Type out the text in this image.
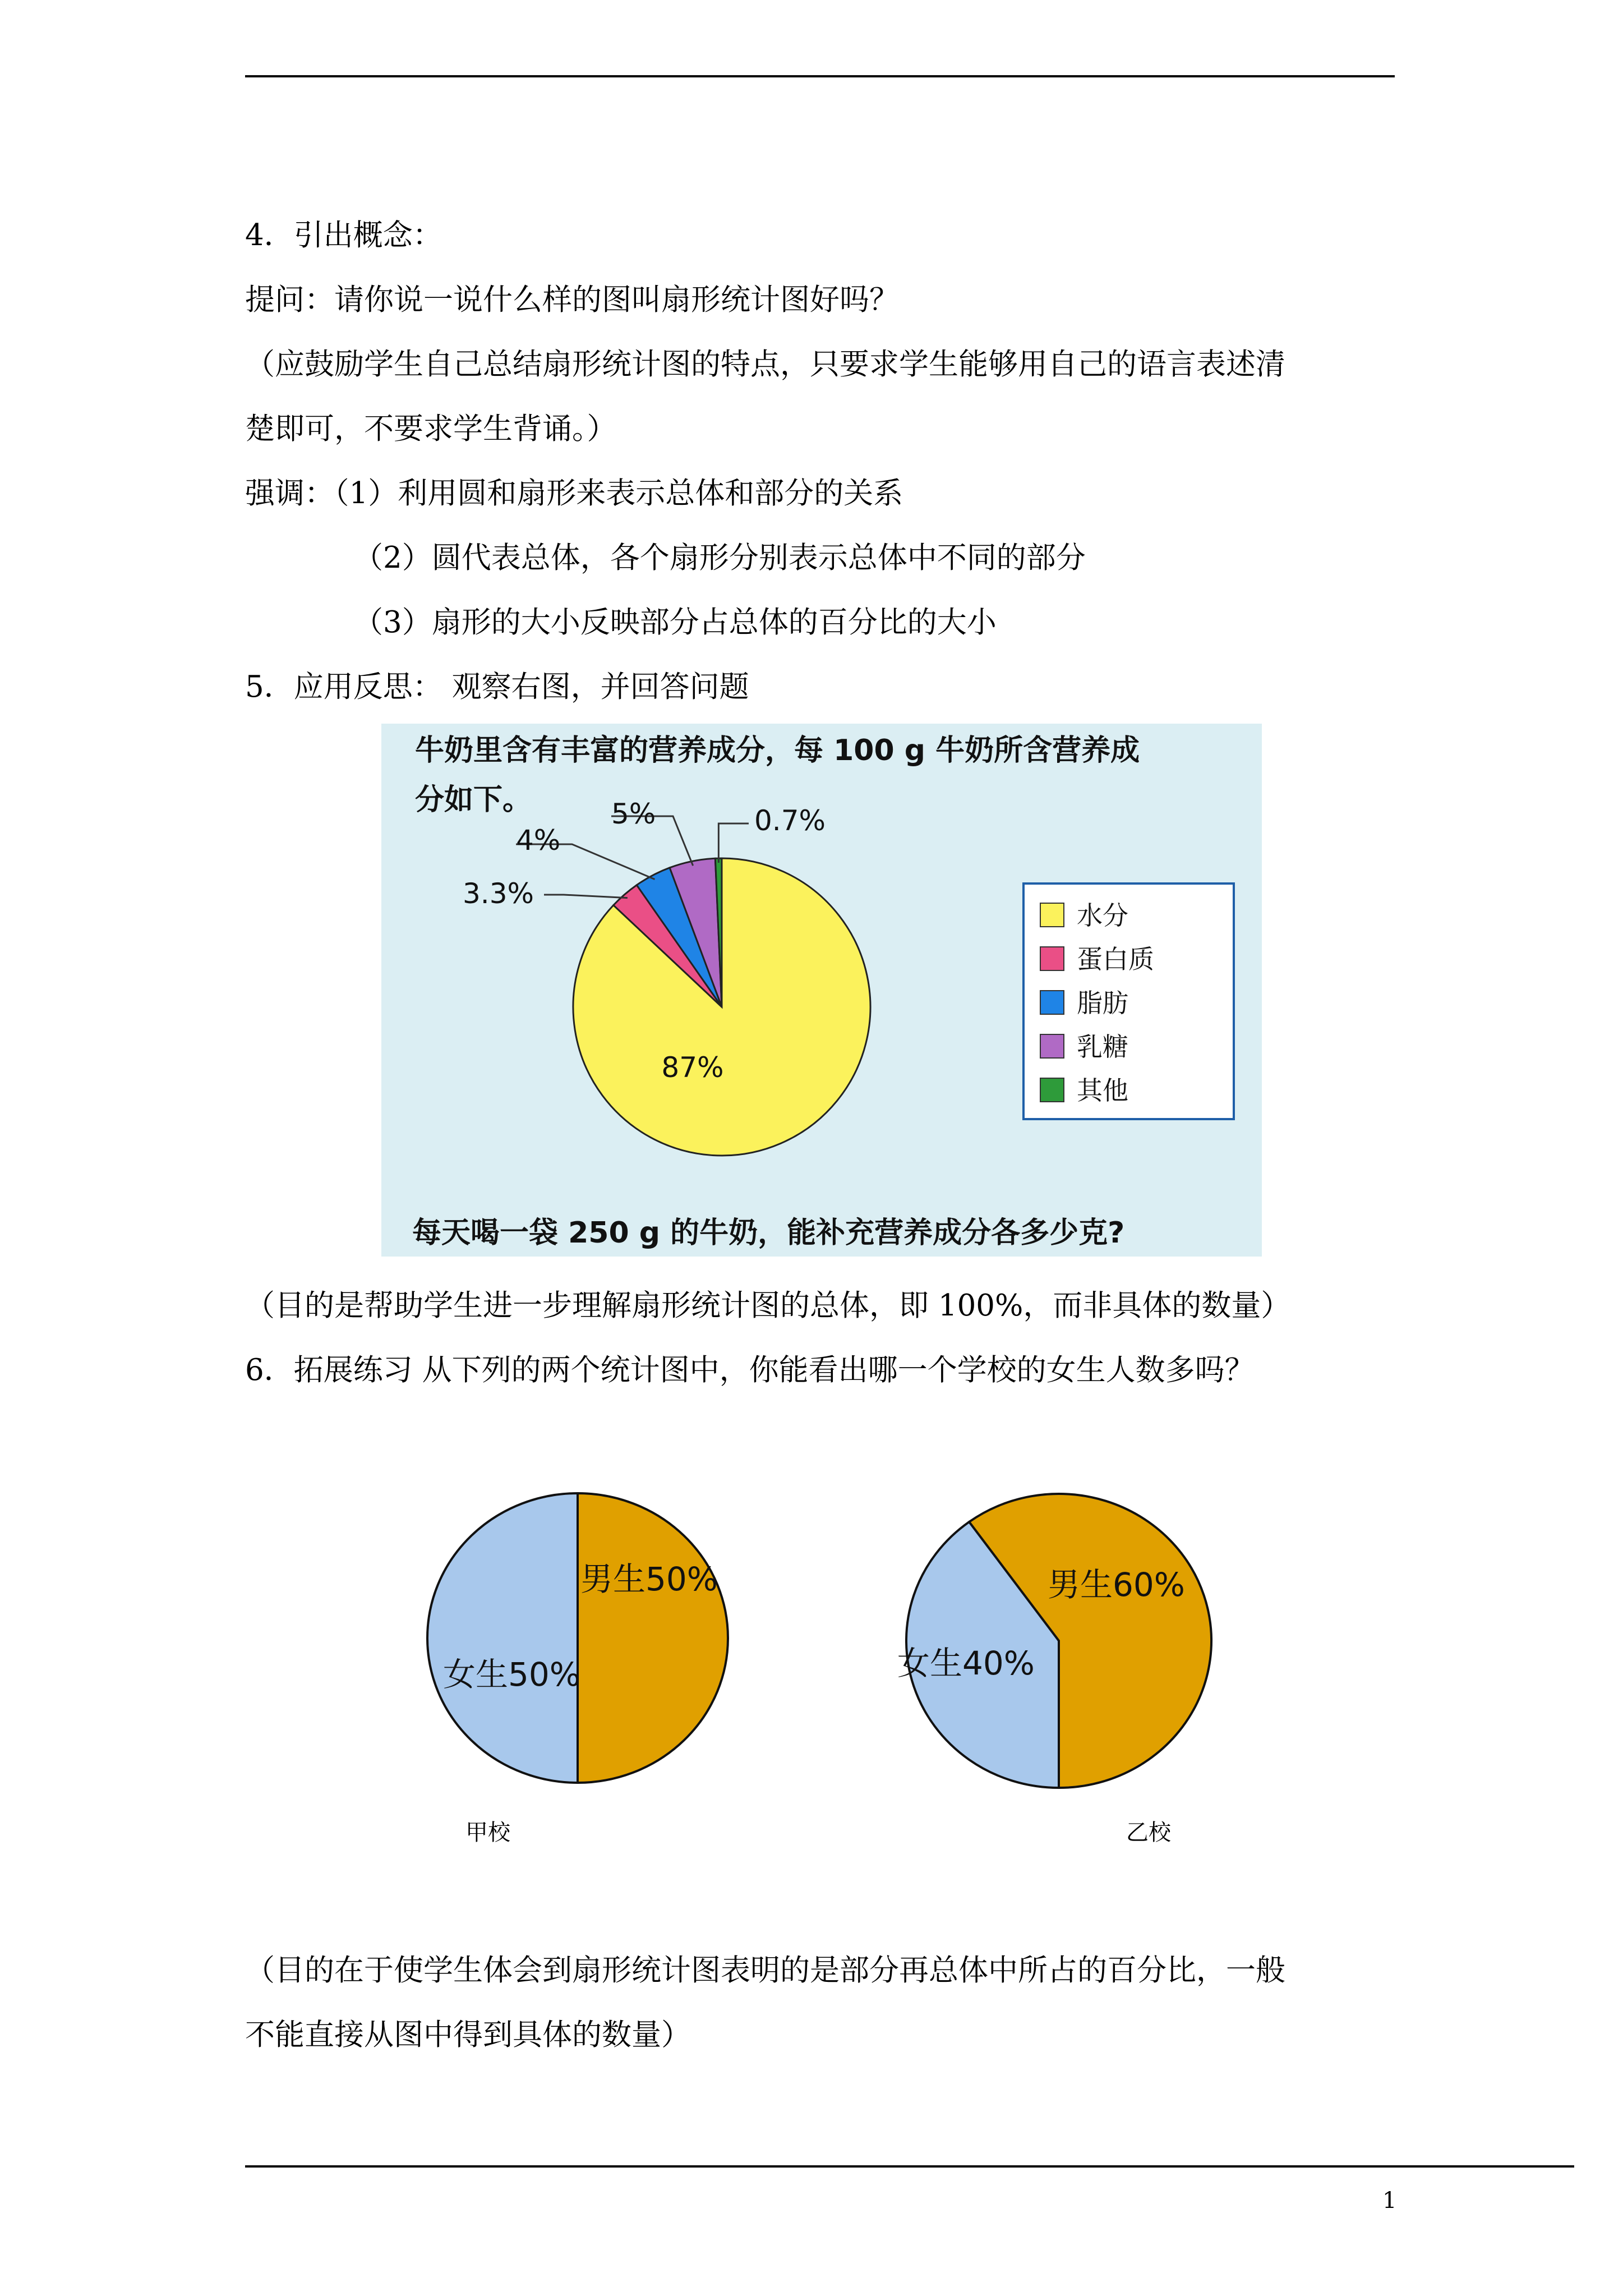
4．引出概念：

提问：请你说一说什么样的图叫扇形统计图好吗？

（应鼓励学生自己总结扇形统计图的特点，只要求学生能够用自己的语言表述清

楚即可，不要求学生背诵。）

强调：（1）利用圆和扇形来表示总体和部分的关系

（2）圆代表总体，各个扇形分别表示总体中不同的部分

（3）扇形的大小反映部分占总体的百分比的大小

5．应用反思： 观察右图，并回答问题

牛奶里含有丰富的营养成分，每 100 g 牛奶所含营养成分如下。
87%
3.3%
4%
5%	0.7%
水分
蛋白质
脂肪
乳糖
其他
每天喝一袋 250 g 的牛奶，能补充营养成分各多少克?

（目的是帮助学生进一步理解扇形统计图的总体，即 100%，而非具体的数量）

6．拓展练习 从下列的两个统计图中，你能看出哪一个学校的女生人数多吗？

男生50%
女生50%
男生60%
女生40%
甲校	乙校

（目的在于使学生体会到扇形统计图表明的是部分再总体中所占的百分比，一般

不能直接从图中得到具体的数量）

1
